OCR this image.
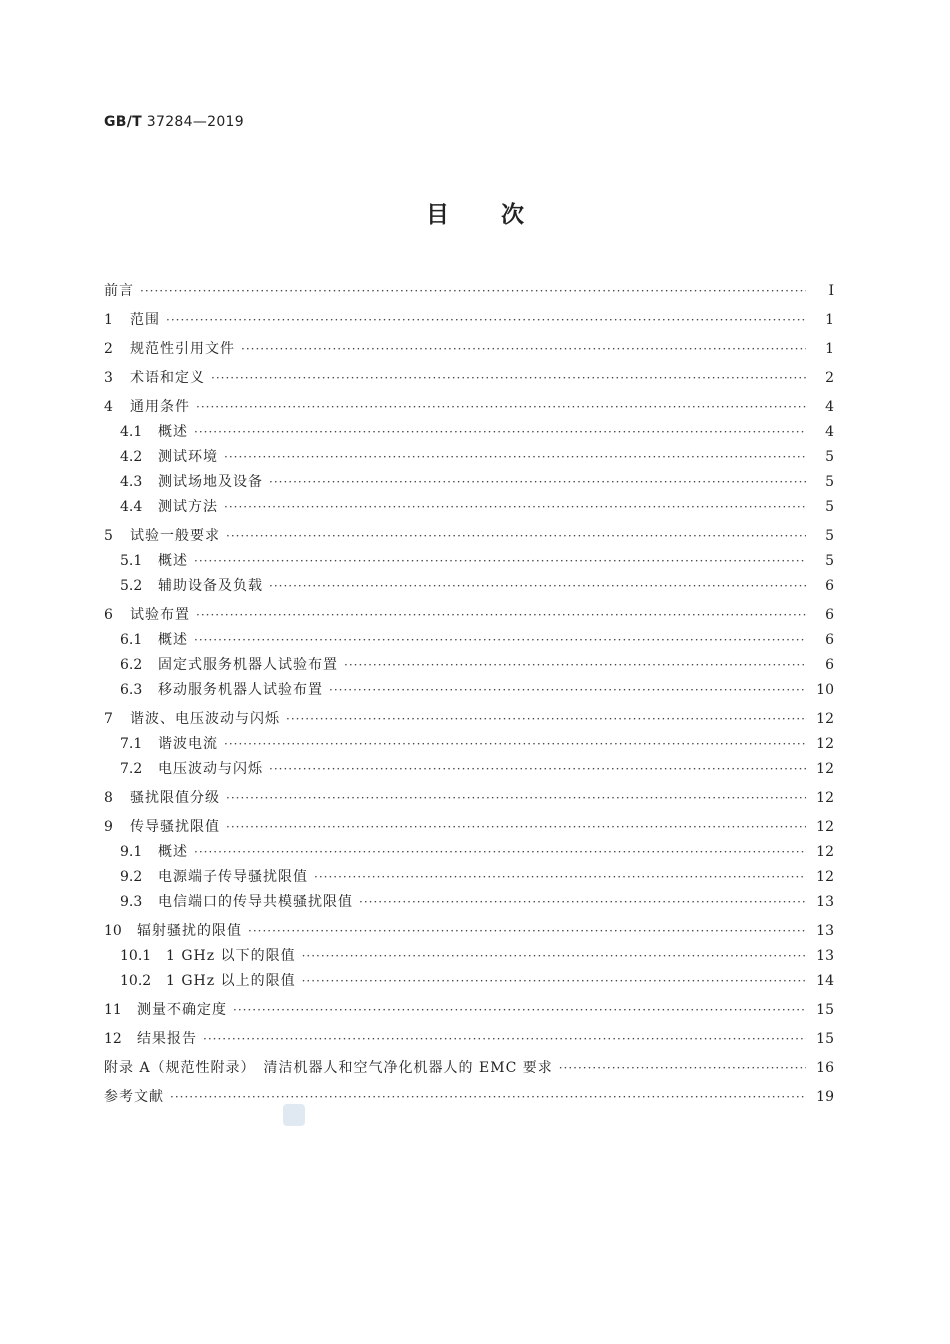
GB/T 37284—2019
目次
前言 ·····	Ⅰ
1	范围 ·····	1
2	规范性引用文件 ·····	1
3	术语和定义 ·····	2
4	通用条件 ·····	4
4.1	概述 ·····	4
4.2	测试环境 ·····	5
4.3	测试场地及设备 ·····	5
4.4	测试方法 ·····	5
5	试验一般要求 ·····	5
5.1	概述 ·····	5
5.2	辅助设备及负载 ·····	6
6	试验布置 ·····	6
6.1	概述 ·····	6
6.2	固定式服务机器人试验布置 ·····	6
6.3	移动服务机器人试验布置 ·····	10
7	谐波、电压波动与闪烁 ·····	12
7.1	谐波电流 ·····	12
7.2	电压波动与闪烁 ·····	12
8	骚扰限值分级 ·····	12
9	传导骚扰限值 ·····	12
9.1	概述 ·····	12
9.2	电源端子传导骚扰限值 ·····	12
9.3	电信端口的传导共模骚扰限值 ·····	13
10	辐射骚扰的限值 ·····	13
10.1	1 GHz 以下的限值 ·····	13
10.2	1 GHz 以上的限值 ·····	14
11	测量不确定度 ·····	15
12	结果报告 ·····	15
附录 A（规范性附录）　清洁机器人和空气净化机器人的 EMC 要求 ·····	16
参考文献 ·····	19
